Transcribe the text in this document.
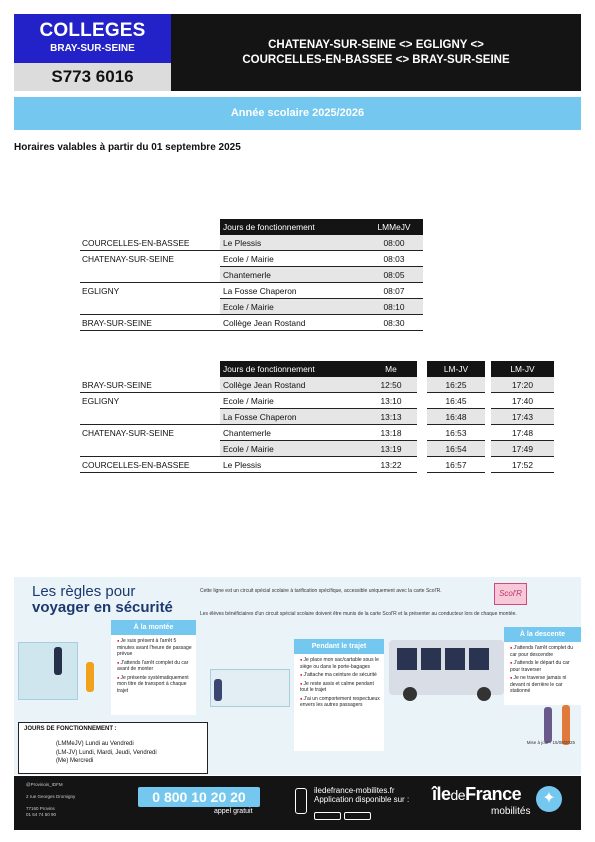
COLLEGES
BRAY-SUR-SEINE
S773 6016
CHATENAY-SUR-SEINE <> EGLIGNY <>
COURCELLES-EN-BASSEE <> BRAY-SUR-SEINE
Année scolaire 2025/2026
Horaires valables à partir du 01 septembre 2025
Jours de fonctionnement	LMMeJV
COURCELLES-EN-BASSEE	Le Plessis	08:00
CHATENAY-SUR-SEINE	Ecole / Mairie	08:03
Chantemerle	08:05
EGLIGNY	La Fosse Chaperon	08:07
Ecole / Mairie	08:10
BRAY-SUR-SEINE	Collège Jean Rostand	08:30
Jours de fonctionnement	Me	LM-JV	LM-JV
BRAY-SUR-SEINE	Collège Jean Rostand	12:50	16:25	17:20
EGLIGNY	Ecole / Mairie	13:10	16:45	17:40
La Fosse Chaperon	13:13	16:48	17:43
CHATENAY-SUR-SEINE	Chantemerle	13:18	16:53	17:48
Ecole / Mairie	13:19	16:54	17:49
COURCELLES-EN-BASSEE	Le Plessis	13:22	16:57	17:52
Les règles pour
voyager en sécurité
Cette ligne est un circuit spécial scolaire à tarification spécifique, accessible uniquement avec la carte Scol'R.
Les élèves bénéficiaires d'un circuit spécial scolaire doivent être munis de la carte Scol'R et la présenter au conducteur lors de chaque montée.
Scol'R
À la montée
● Je suis présent à l'arrêt 5 minutes avant l'heure de passage prévue
● J'attends l'arrêt complet du car avant de monter
● Je présente systématiquement mon titre de transport à chaque trajet
Pendant le trajet
● Je place mon sac/cartable sous le siège ou dans le porte-bagages
● J'attache ma ceinture de sécurité
● Je reste assis et calme pendant tout le trajet
● J'ai un comportement respectueux envers les autres passagers
À la descente
● J'attends l'arrêt complet du car pour descendre
● J'attends le départ du car pour traverser
● Je ne traverse jamais ni devant ni derrière le car stationné
JOURS DE FONCTIONNEMENT :
(LMMeJV) Lundi au Vendredi
(LM-JV) Lundi, Mardi, Jeudi, Vendredi
(Me) Mercredi
Mise à jour : 15/08/2025
@Provinois_IDFM
2 rue Georges Dromigny
77160 Provins
01 64 74 50 90
0 800 10 20 20
appel gratuit
iledefrance-mobilites.fr
Application disponible sur : îledeFrance
mobilités
✦
